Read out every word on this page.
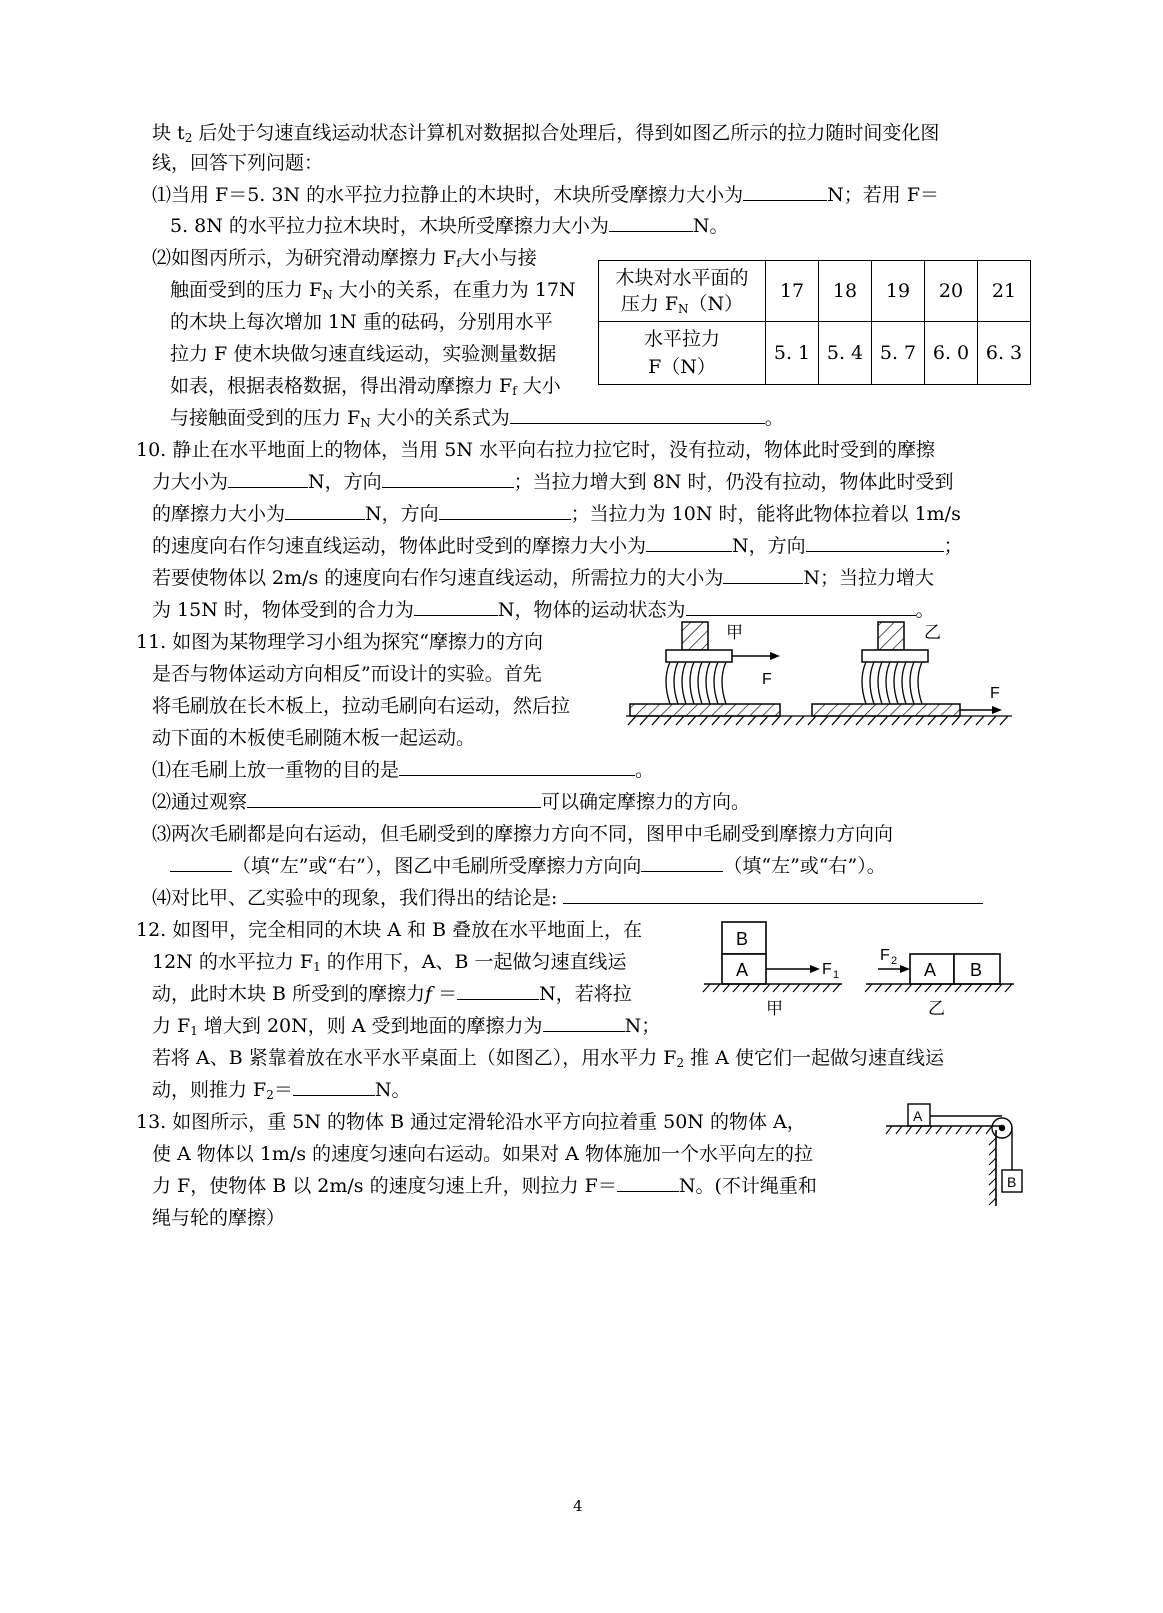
块 $t_2$ 后处于匀速直线运动状态计算机对数据拟合处理后，得到如图乙所示的拉力随时间变化图
线，回答下列问题：
⑴当用 F＝5. 3N 的水平拉力拉静止的木块时，木块所受摩擦力大小为	N；若用 F＝
5. 8N 的水平拉力拉木块时，木块所受摩擦力大小为	N。
⑵如图丙所示，为研究滑动摩擦力 $F_f$大小与接
触面受到的压力 $F_N$ 大小的关系，在重力为 17N
的木块上每次增加 1N 重的砝码，分别用水平
拉力 F 使木块做匀速直线运动，实验测量数据
如表，根据表格数据，得出滑动摩擦力 $F_f$ 大小
与接触面受到的压力 $F_N$ 大小的关系式为	。
木块对水平面的
压力 $F_N(N)$	17	18	19	20	21
水平拉力
F（N）	5. 1	5. 4	5. 7	6. 0	6. 3
10. 静止在水平地面上的物体，当用 5N 水平向右拉力拉它时，没有拉动，物体此时受到的摩擦
力大小为	N，方向	；当拉力增大到 8N 时，仍没有拉动，物体此时受到
的摩擦力大小为	N，方向	；当拉力为 10N 时，能将此物体拉着以 1m/s
的速度向右作匀速直线运动，物体此时受到的摩擦力大小为	N，方向	；
若要使物体以 2m/s 的速度向右作匀速直线运动，所需拉力的大小为	N；当拉力增大
为 15N 时，物体受到的合力为	N，物体的运动状态为	。
11. 如图为某物理学习小组为探究“摩擦力的方向
是否与物体运动方向相反”而设计的实验。首先
将毛刷放在长木板上，拉动毛刷向右运动，然后拉
动下面的木板使毛刷随木板一起运动。
⑴在毛刷上放一重物的目的是	。
⑵通过观察	可以确定摩擦力的方向。
⑶两次毛刷都是向右运动，但毛刷受到的摩擦力方向不同，图甲中毛刷受到摩擦力方向向
（填“左”或“右”），图乙中毛刷所受摩擦力方向向	（填“左”或“右”）。
⑷对比甲、乙实验中的现象，我们得出的结论是:
F
甲
F
乙
12. 如图甲，完全相同的木块 A 和 B 叠放在水平地面上，在
12N 的水平拉力 $F_1$ 的作用下，A、B 一起做匀速直线运
动，此时木块 B 所受到的摩擦力f ＝	N，若将拉
力 $F_1$ 增大到 20N，则 A 受到地面的摩擦力为	N；
若将 A、B 紧靠着放在水平水平桌面上（如图乙），用水平力 $F_2$ 推 A 使它们一起做匀速直线运
动，则推力 $F_2=$	N。
B
A	F 1
甲
F 2 A B
乙
13. 如图所示，重 5N 的物体 B 通过定滑轮沿水平方向拉着重 50N 的物体 A，
使 A 物体以 1m/s 的速度匀速向右运动。如果对 A 物体施加一个水平向左的拉
力 F，使物体 B 以 2m/s 的速度匀速上升，则拉力 F＝	N。(不计绳重和
绳与轮的摩擦）
A
B
4
